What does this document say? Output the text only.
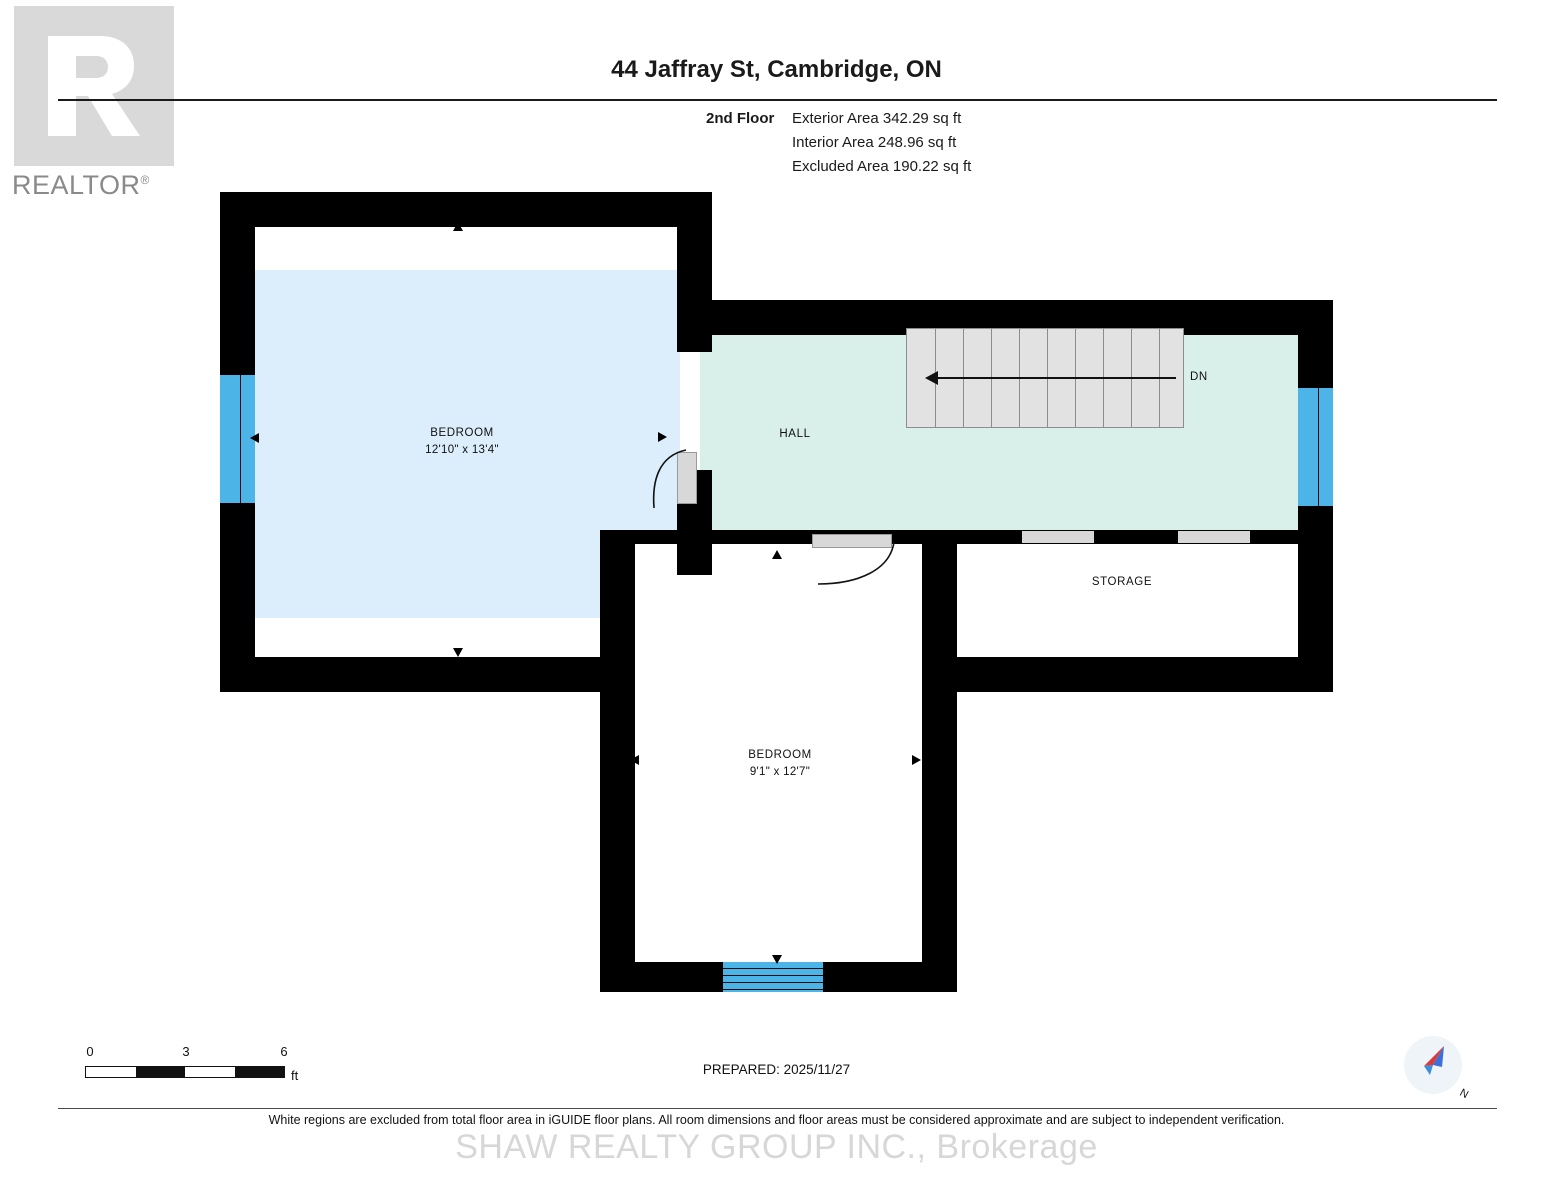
REALTOR®
44 Jaffray St, Cambridge, ON
2nd Floor	Exterior Area 342.29 sq ft
Interior Area 248.96 sq ft
Excluded Area 190.22 sq ft
DN
BEDROOM
12'10" x 13'4"
HALL
STORAGE
BEDROOM
9'1" x 12'7"
0	3	6
ft	PREPARED: 2025/11/27
White regions are excluded from total floor area in iGUIDE floor plans. All room dimensions and floor areas must be considered approximate and are subject to independent verification.
SHAW REALTY GROUP INC., Brokerage
N
